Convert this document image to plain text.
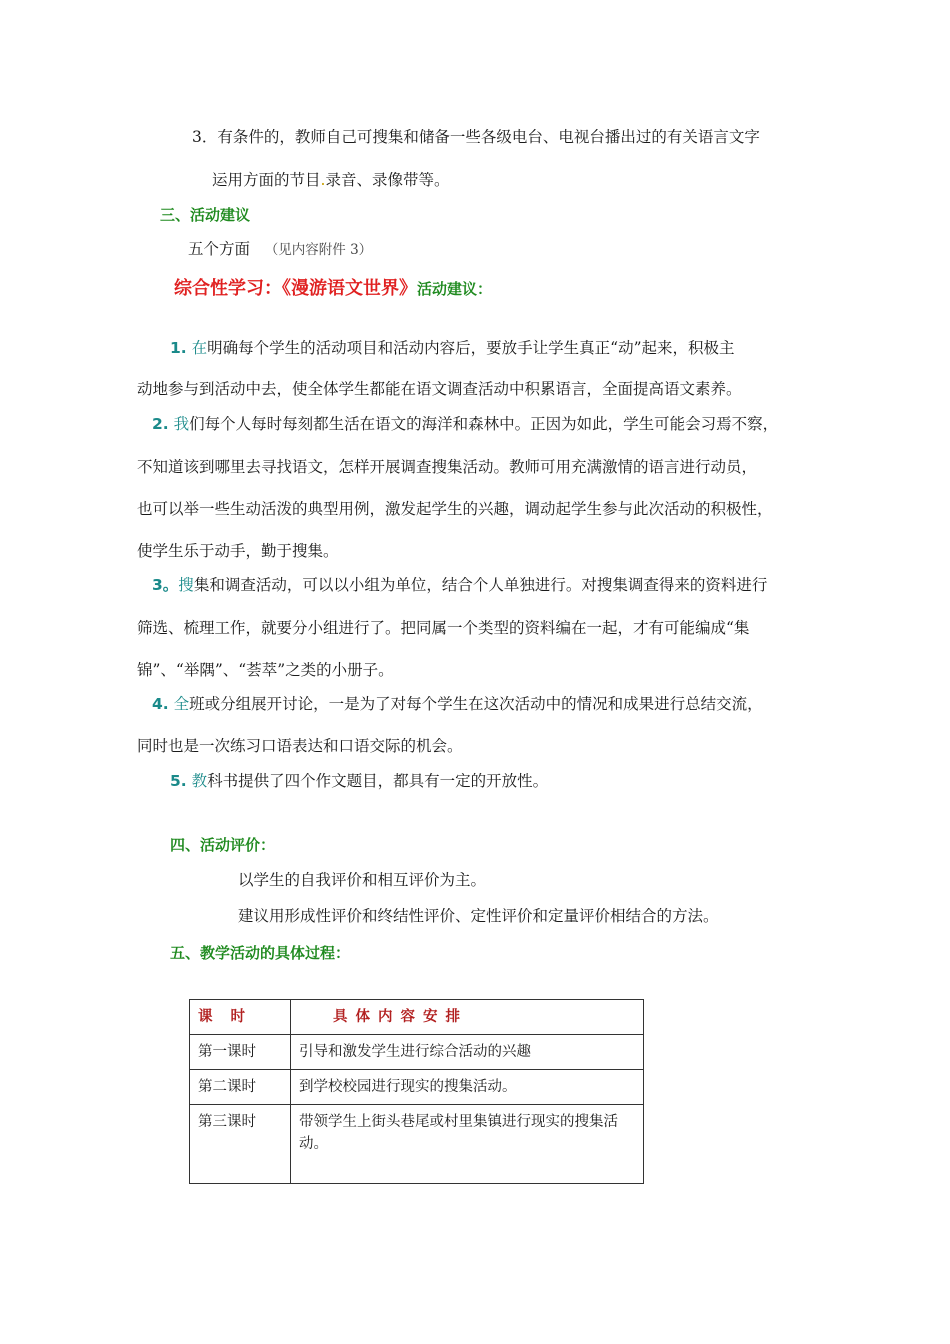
3．有条件的，教师自己可搜集和储备一些各级电台、电视台播出过的有关语言文字
运用方面的节目.录音、录像带等。
三、活动建议
五个方面 （见内容附件 3）
综合性学习：《漫游语文世界》活动建议：
1. 在明确每个学生的活动项目和活动内容后，要放手让学生真正“动”起来，积极主
动地参与到活动中去，使全体学生都能在语文调查活动中积累语言，全面提高语文素养。
2. 我们每个人每时每刻都生活在语文的海洋和森林中。正因为如此，学生可能会习焉不察，
不知道该到哪里去寻找语文，怎样开展调查搜集活动。教师可用充满激情的语言进行动员，
也可以举一些生动活泼的典型用例，激发起学生的兴趣，调动起学生参与此次活动的积极性，
使学生乐于动手，勤于搜集。
3。搜集和调查活动，可以以小组为单位，结合个人单独进行。对搜集调查得来的资料进行
筛选、梳理工作，就要分小组进行了。把同属一个类型的资料编在一起，才有可能编成“集
锦”、“举隅”、“荟萃”之类的小册子。
4. 全班或分组展开讨论，一是为了对每个学生在这次活动中的情况和成果进行总结交流，
同时也是一次练习口语表达和口语交际的机会。
5. 教科书提供了四个作文题目，都具有一定的开放性。
四、活动评价：
以学生的自我评价和相互评价为主。
建议用形成性评价和终结性评价、定性评价和定量评价相结合的方法。
五、教学活动的具体过程：
课时	具体内容安排
第一课时	引导和激发学生进行综合活动的兴趣
第二课时	到学校校园进行现实的搜集活动。
第三课时	带领学生上街头巷尾或村里集镇进行现实的搜集活动。
